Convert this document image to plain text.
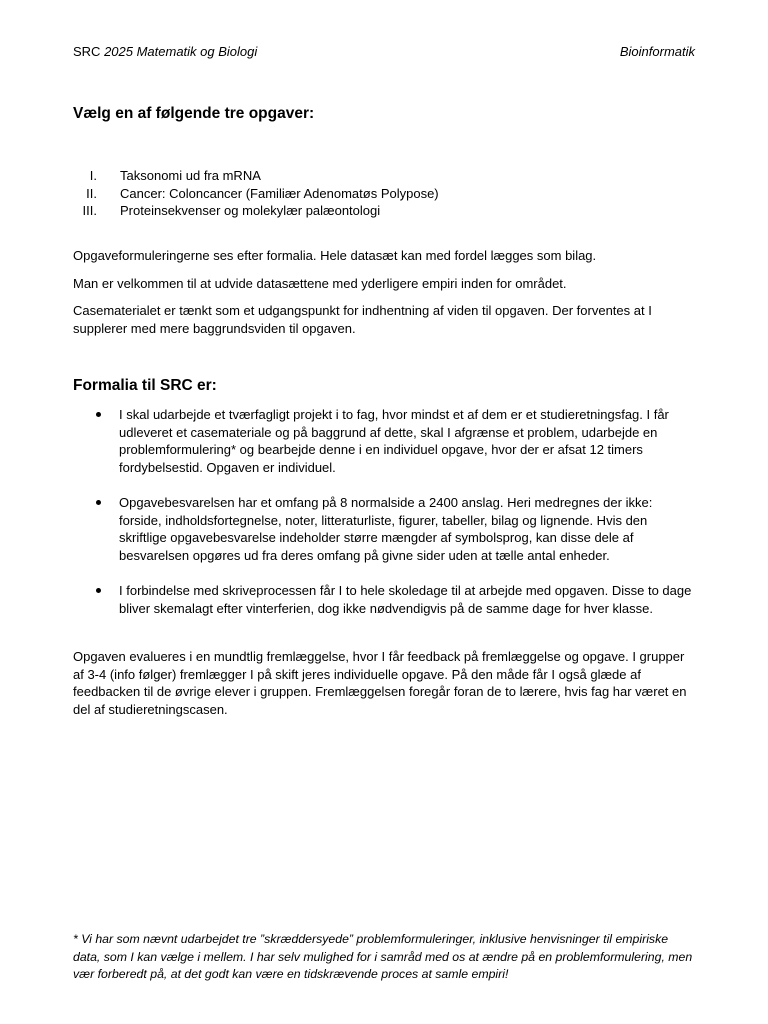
SRC 2025 Matematik og Biologi	Bioinformatik
Vælg en af følgende tre opgaver:
I. Taksonomi ud fra mRNA
II. Cancer: Coloncancer (Familiær Adenomatøs Polypose)
III. Proteinsekvenser og molekylær palæontologi

Opgaveformuleringerne ses efter formalia. Hele datasæt kan med fordel lægges som bilag.

Man er velkommen til at udvide datasættene med yderligere empiri inden for området.

Casematerialet er tænkt som et udgangspunkt for indhentning af viden til opgaven. Der forventes at I supplerer med mere baggrundsviden til opgaven.

Formalia til SRC er:
I skal udarbejde et tværfagligt projekt i to fag, hvor mindst et af dem er et studieretningsfag. I får udleveret et casemateriale og på baggrund af dette, skal I afgrænse et problem, udarbejde en problemformulering* og bearbejde denne i en individuel opgave, hvor der er afsat 12 timers fordybelsestid. Opgaven er individuel.
Opgavebesvarelsen har et omfang på 8 normalside a 2400 anslag. Heri medregnes der ikke: forside, indholdsfortegnelse, noter, litteraturliste, figurer, tabeller, bilag og lignende. Hvis den skriftlige opgavebesvarelse indeholder større mængder af symbolsprog, kan disse dele af besvarelsen opgøres ud fra deres omfang på givne sider uden at tælle antal enheder.
I forbindelse med skriveprocessen får I to hele skoledage til at arbejde med opgaven. Disse to dage bliver skemalagt efter vinterferien, dog ikke nødvendigvis på de samme dage for hver klasse.

Opgaven evalueres i en mundtlig fremlæggelse, hvor I får feedback på fremlæggelse og opgave. I grupper af 3-4 (info følger) fremlægger I på skift jeres individuelle opgave. På den måde får I også glæde af feedbacken til de øvrige elever i gruppen. Fremlæggelsen foregår foran de to lærere, hvis fag har været en del af studieretningscasen.

* Vi har som nævnt udarbejdet tre ”skræddersyede” problemformuleringer, inklusive henvisninger til empiriske data, som I kan vælge i mellem. I har selv mulighed for i samråd med os at ændre på en problemformulering, men vær forberedt på, at det godt kan være en tidskrævende proces at samle empiri!
